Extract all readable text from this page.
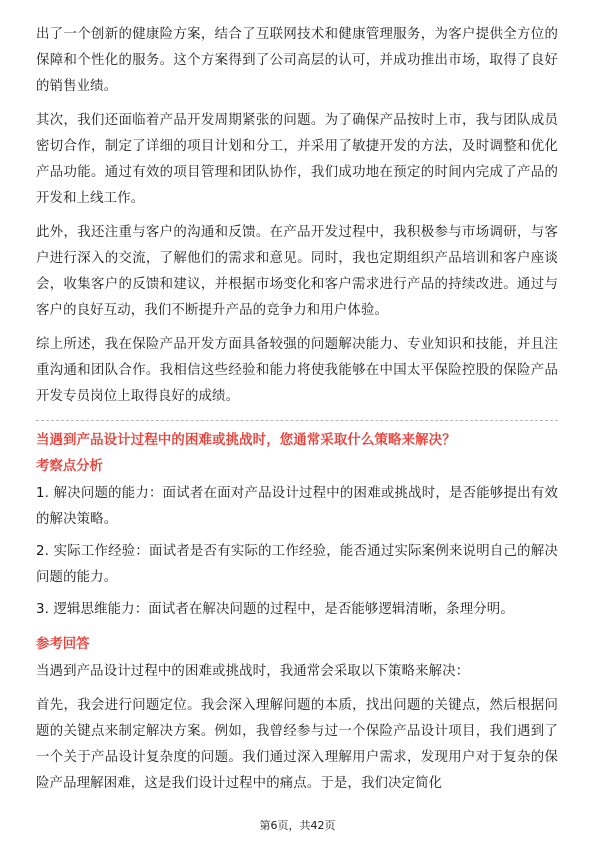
出了一个创新的健康险方案，结合了互联网技术和健康管理服务，为客户提供全方位的保障和个性化的服务。这个方案得到了公司高层的认可，并成功推出市场，取得了良好的销售业绩。

其次，我们还面临着产品开发周期紧张的问题。为了确保产品按时上市，我与团队成员密切合作，制定了详细的项目计划和分工，并采用了敏捷开发的方法，及时调整和优化产品功能。通过有效的项目管理和团队协作，我们成功地在预定的时间内完成了产品的开发和上线工作。

此外，我还注重与客户的沟通和反馈。在产品开发过程中，我积极参与市场调研，与客户进行深入的交流，了解他们的需求和意见。同时，我也定期组织产品培训和客户座谈会，收集客户的反馈和建议，并根据市场变化和客户需求进行产品的持续改进。通过与客户的良好互动，我们不断提升产品的竞争力和用户体验。

综上所述，我在保险产品开发方面具备较强的问题解决能力、专业知识和技能，并且注重沟通和团队合作。我相信这些经验和能力将使我能够在中国太平保险控股的保险产品开发专员岗位上取得良好的成绩。

当遇到产品设计过程中的困难或挑战时，您通常采取什么策略来解决？
考察点分析

1. 解决问题的能力：面试者在面对产品设计过程中的困难或挑战时，是否能够提出有效的解决策略。

2. 实际工作经验：面试者是否有实际的工作经验，能否通过实际案例来说明自己的解决问题的能力。

3. 逻辑思维能力：面试者在解决问题的过程中，是否能够逻辑清晰，条理分明。

参考回答

当遇到产品设计过程中的困难或挑战时，我通常会采取以下策略来解决：

首先，我会进行问题定位。我会深入理解问题的本质，找出问题的关键点，然后根据问题的关键点来制定解决方案。例如，我曾经参与过一个保险产品设计项目，我们遇到了一个关于产品设计复杂度的问题。我们通过深入理解用户需求，发现用户对于复杂的保险产品理解困难，这是我们设计过程中的痛点。于是，我们决定简化

第6页，共42页
